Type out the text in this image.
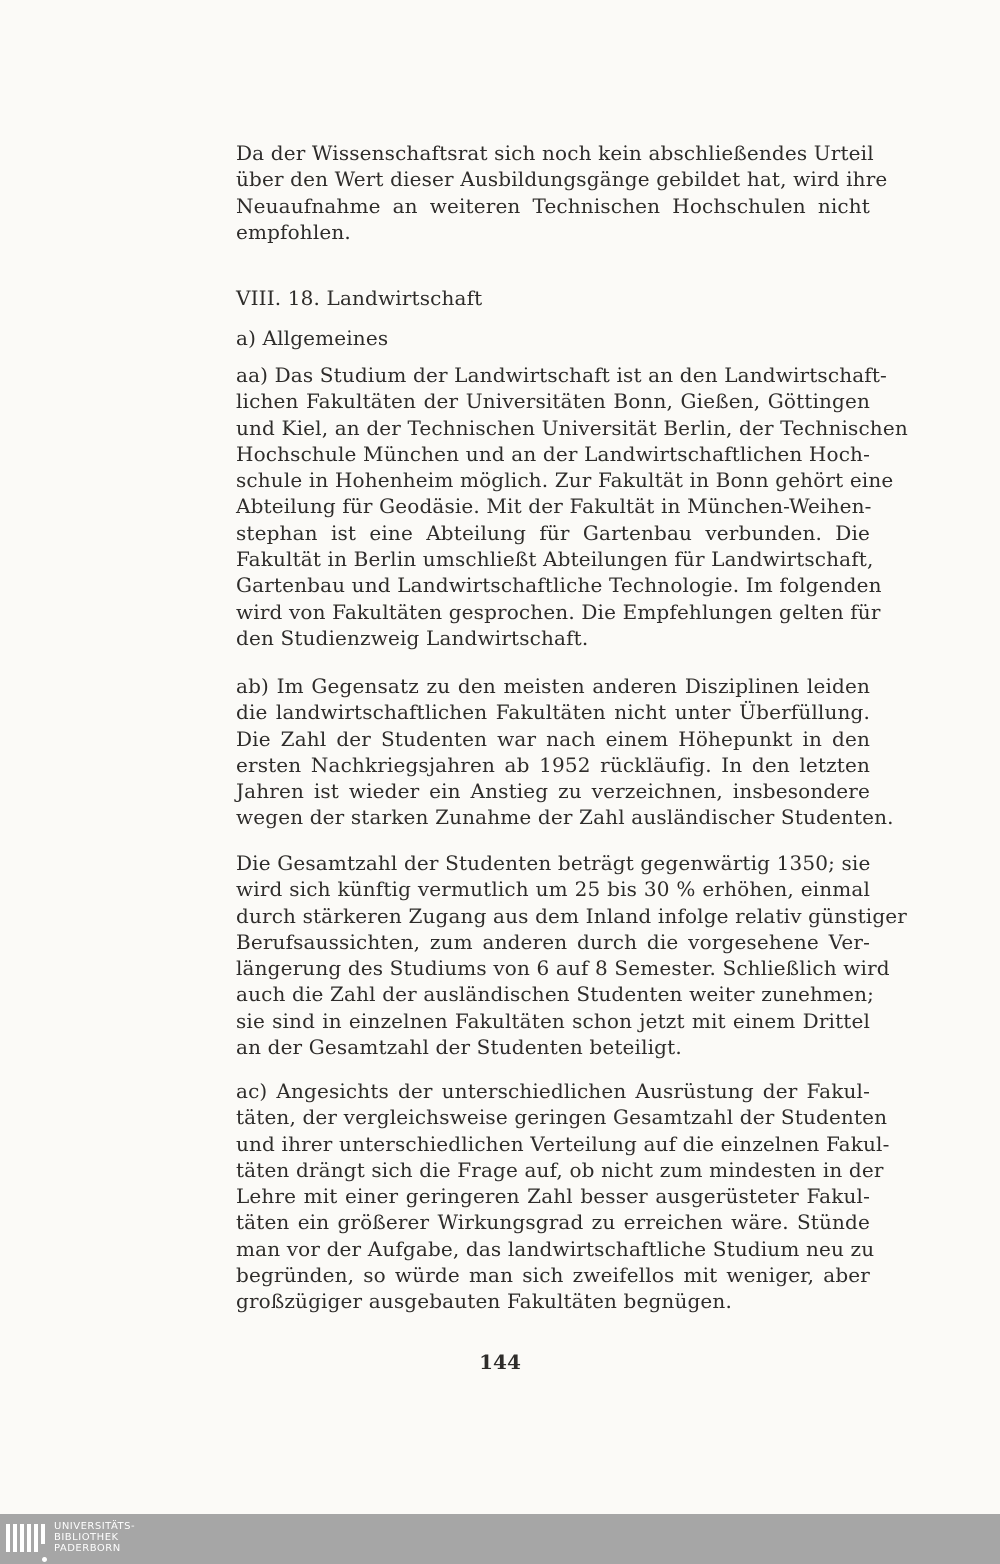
Da der Wissenschaftsrat sich noch kein abschließendes Urteil
über den Wert dieser Ausbildungsgänge gebildet hat, wird ihre
Neuaufnahme an weiteren Technischen Hochschulen nicht
empfohlen.
VIII. 18. Landwirtschaft
a) Allgemeines
aa) Das Studium der Landwirtschaft ist an den Landwirtschaft-
lichen Fakultäten der Universitäten Bonn, Gießen, Göttingen
und Kiel, an der Technischen Universität Berlin, der Technischen
Hochschule München und an der Landwirtschaftlichen Hoch-
schule in Hohenheim möglich. Zur Fakultät in Bonn gehört eine
Abteilung für Geodäsie. Mit der Fakultät in München-Weihen-
stephan ist eine Abteilung für Gartenbau verbunden. Die
Fakultät in Berlin umschließt Abteilungen für Landwirtschaft,
Gartenbau und Landwirtschaftliche Technologie. Im folgenden
wird von Fakultäten gesprochen. Die Empfehlungen gelten für
den Studienzweig Landwirtschaft.
ab) Im Gegensatz zu den meisten anderen Disziplinen leiden
die landwirtschaftlichen Fakultäten nicht unter Überfüllung.
Die Zahl der Studenten war nach einem Höhepunkt in den
ersten Nachkriegsjahren ab 1952 rückläufig. In den letzten
Jahren ist wieder ein Anstieg zu verzeichnen, insbesondere
wegen der starken Zunahme der Zahl ausländischer Studenten.
Die Gesamtzahl der Studenten beträgt gegenwärtig 1350; sie
wird sich künftig vermutlich um 25 bis 30 % erhöhen, einmal
durch stärkeren Zugang aus dem Inland infolge relativ günstiger
Berufsaussichten, zum anderen durch die vorgesehene Ver-
längerung des Studiums von 6 auf 8 Semester. Schließlich wird
auch die Zahl der ausländischen Studenten weiter zunehmen;
sie sind in einzelnen Fakultäten schon jetzt mit einem Drittel
an der Gesamtzahl der Studenten beteiligt.
ac) Angesichts der unterschiedlichen Ausrüstung der Fakul-
täten, der vergleichsweise geringen Gesamtzahl der Studenten
und ihrer unterschiedlichen Verteilung auf die einzelnen Fakul-
täten drängt sich die Frage auf, ob nicht zum mindesten in der
Lehre mit einer geringeren Zahl besser ausgerüsteter Fakul-
täten ein größerer Wirkungsgrad zu erreichen wäre. Stünde
man vor der Aufgabe, das landwirtschaftliche Studium neu zu
begründen, so würde man sich zweifellos mit weniger, aber
großzügiger ausgebauten Fakultäten begnügen.
144
UNIVERSITÄTS-
BIBLIOTHEK
PADERBORN
